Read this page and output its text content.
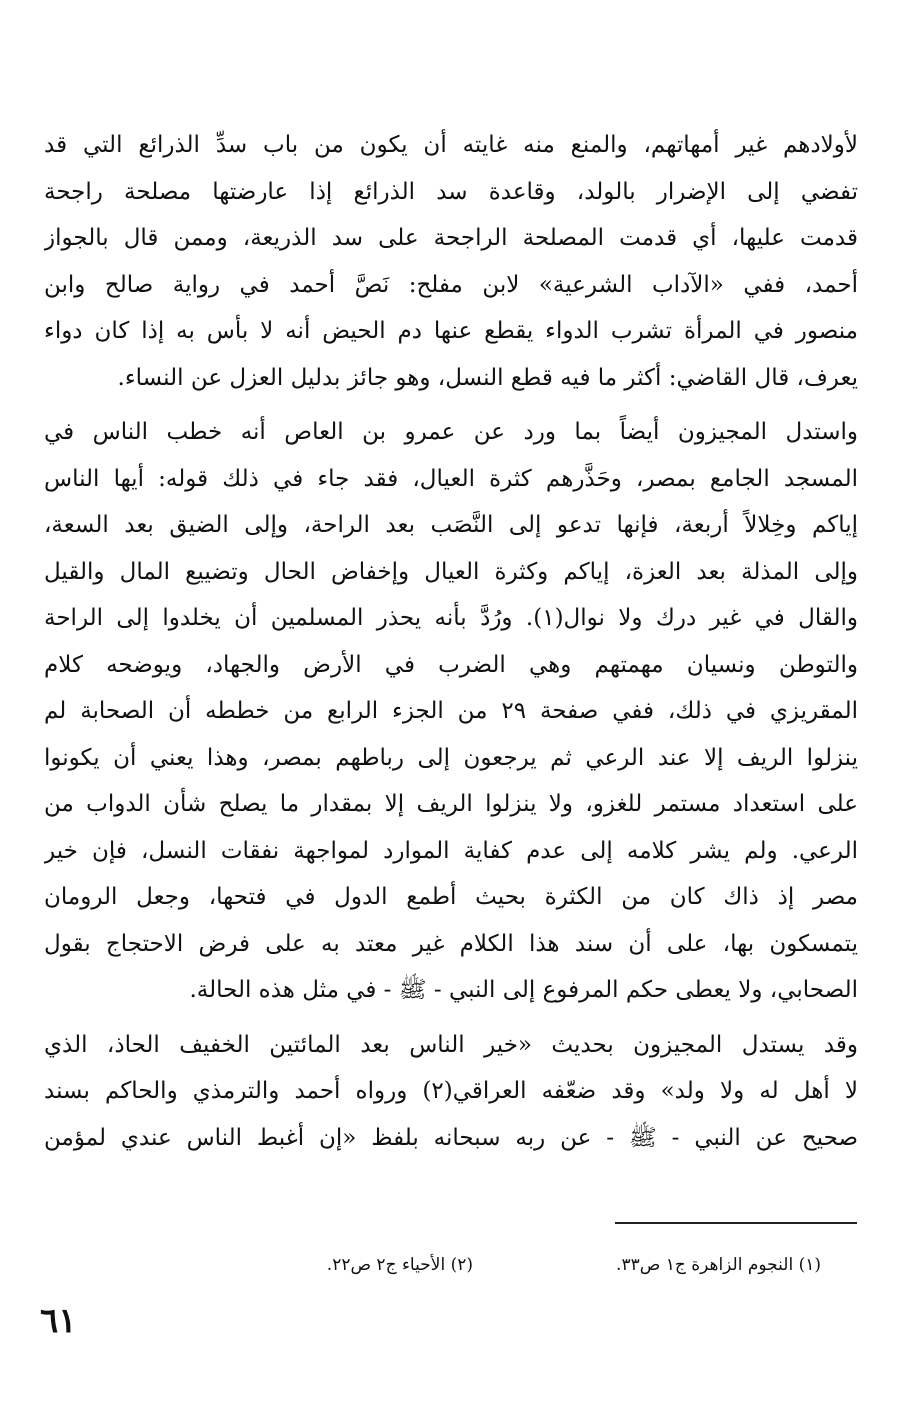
لأولادهم غير أمهاتهم، والمنع منه غايته أن يكون من باب سدِّ الذرائع التي قد
تفضي إلى الإضرار بالولد، وقاعدة سد الذرائع إذا عارضتها مصلحة راجحة
قدمت عليها، أي قدمت المصلحة الراجحة على سد الذريعة، وممن قال بالجواز
أحمد، ففي «الآداب الشرعية» لابن مفلح: نَصَّ أحمد في رواية صالح وابن
منصور في المرأة تشرب الدواء يقطع عنها دم الحيض أنه لا بأس به إذا كان دواء
يعرف، قال القاضي: أكثر ما فيه قطع النسل، وهو جائز بدليل العزل عن النساء.
واستدل المجيزون أيضاً بما ورد عن عمرو بن العاص أنه خطب الناس في
المسجد الجامع بمصر، وحَذَّرهم كثرة العيال، فقد جاء في ذلك قوله: أيها الناس
إياكم وخِلالاً أربعة، فإنها تدعو إلى النَّصَب بعد الراحة، وإلى الضيق بعد السعة،
وإلى المذلة بعد العزة، إياكم وكثرة العيال وإخفاض الحال وتضييع المال والقيل
والقال في غير درك ولا نوال(١). ورُدَّ بأنه يحذر المسلمين أن يخلدوا إلى الراحة
والتوطن ونسيان مهمتهم وهي الضرب في الأرض والجهاد، ويوضحه كلام
المقريزي في ذلك، ففي صفحة ٢٩ من الجزء الرابع من خططه أن الصحابة لم
ينزلوا الريف إلا عند الرعي ثم يرجعون إلى رباطهم بمصر، وهذا يعني أن يكونوا
على استعداد مستمر للغزو، ولا ينزلوا الريف إلا بمقدار ما يصلح شأن الدواب من
الرعي. ولم يشر كلامه إلى عدم كفاية الموارد لمواجهة نفقات النسل، فإن خير
مصر إذ ذاك كان من الكثرة بحيث أطمع الدول في فتحها، وجعل الرومان
يتمسكون بها، على أن سند هذا الكلام غير معتد به على فرض الاحتجاج بقول
الصحابي، ولا يعطى حكم المرفوع إلى النبي - ﷺ - في مثل هذه الحالة.
وقد يستدل المجيزون بحديث «خير الناس بعد المائتين الخفيف الحاذ، الذي
لا أهل له ولا ولد» وقد ضعّفه العراقي(٢) ورواه أحمد والترمذي والحاكم بسند
صحيح عن النبي - ﷺ - عن ربه سبحانه بلفظ «إن أغبط الناس عندي لمؤمن
(١) النجوم الزاهرة ج١ ص٣٣.
(٢) الأحياء ج٢ ص٢٢.
٦١
